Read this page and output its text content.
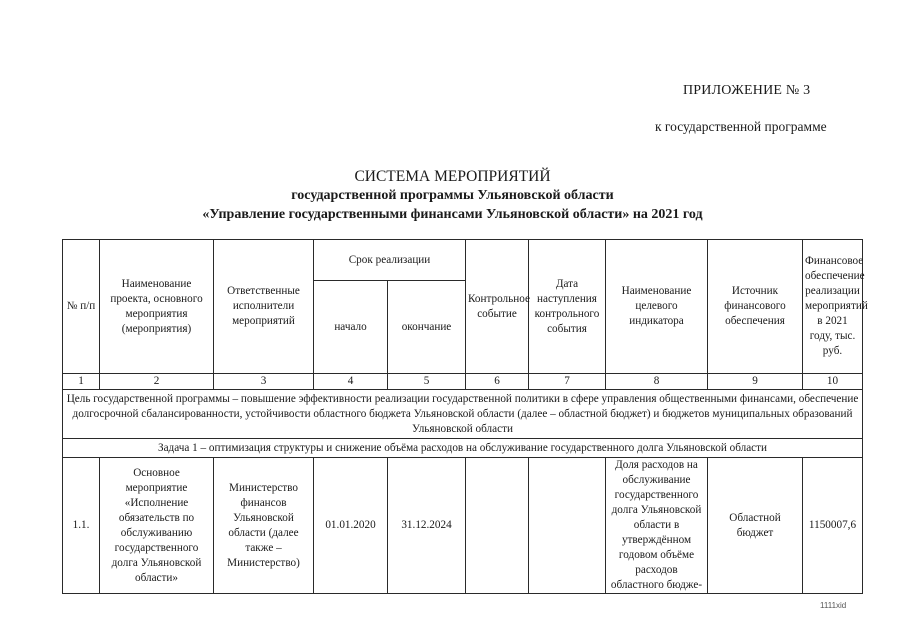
ПРИЛОЖЕНИЕ № 3
к государственной программе
СИСТЕМА МЕРОПРИЯТИЙ
государственной программы Ульяновской области
«Управление государственными финансами Ульяновской области» на 2021 год
№ п/п	Наименование проекта, основного мероприятия (мероприятия)	Ответственные исполнители мероприятий	Срок реализации		Контрольное событие	Дата наступления контрольного события	Наименование целевого индикатора	Источник финансового обеспечения	Финансовое обеспечение реализации мероприятий в 2021 году, тыс. руб.
			начало	окончание					
1	2	3	4	5	6	7	8	9	10
Цель государственной программы – повышение эффективности реализации государственной политики в сфере управления общественными финансами, обеспечение долгосрочной сбалансированности, устойчивости областного бюджета Ульяновской области (далее – областной бюджет) и бюджетов муниципальных образований Ульяновской области									
Задача 1 – оптимизация структуры и снижение объёма расходов на обслуживание государственного долга Ульяновской области									
1.1.	Основное мероприятие «Исполнение обязательств по обслуживанию государственного долга Ульяновской области»	Министерство финансов Ульяновской области (далее также – Министерство)	01.01.2020	31.12.2024			Доля расходов на обслуживание государственного долга Ульяновской области в утверждённом годовом объёме расходов областного бюдже-	Областной бюджет	1150007,6
1111xid
